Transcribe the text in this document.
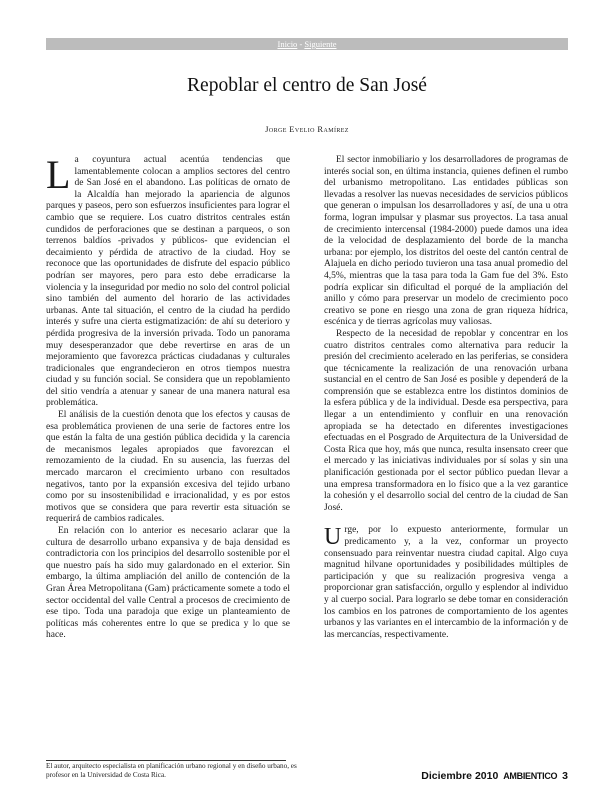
Inicio - Siguiente
Repoblar el centro de San José
Jorge Evelio Ramírez

La coyuntura actual acentúa tendencias que lamentablemente colocan a amplios sectores del centro de San José en el abandono. Las políticas de ornato de la Alcaldía han mejorado la apariencia de algunos parques y paseos, pero son esfuerzos insuficientes para lograr el cambio que se requiere. Los cuatro distritos centrales están cundidos de perforaciones que se destinan a parqueos, o son terrenos baldíos -privados y públicos- que evidencian el decaimiento y pérdida de atractivo de la ciudad. Hoy se reconoce que las oportunidades de disfrute del espacio público podrían ser mayores, pero para esto debe erradicarse la violencia y la inseguridad por medio no solo del control policial sino también del aumento del horario de las actividades urbanas. Ante tal situación, el centro de la ciudad ha perdido interés y sufre una cierta estigmatización: de ahí su deterioro y pérdida progresiva de la inversión privada. Todo un panorama muy desesperanzador que debe revertirse en aras de un mejoramiento que favorezca prácticas ciudadanas y culturales tradicionales que engrandecieron en otros tiempos nuestra ciudad y su función social. Se considera que un repoblamiento del sitio vendría a atenuar y sanear de una manera natural esa problemática.

El análisis de la cuestión denota que los efectos y causas de esa problemática provienen de una serie de factores entre los que están la falta de una gestión pública decidida y la carencia de mecanismos legales apropiados que favorezcan el remozamiento de la ciudad. En su ausencia, las fuerzas del mercado marcaron el crecimiento urbano con resultados negativos, tanto por la expansión excesiva del tejido urbano como por su insostenibilidad e irracionalidad, y es por estos motivos que se considera que para revertir esta situación se requerirá de cambios radicales.

En relación con lo anterior es necesario aclarar que la cultura de desarrollo urbano expansiva y de baja densidad es contradictoria con los principios del desarrollo sostenible por el que nuestro país ha sido muy galardonado en el exterior. Sin embargo, la última ampliación del anillo de contención de la Gran Área Metropolitana (Gam) prácticamente somete a todo el sector occidental del valle Central a procesos de crecimiento de ese tipo. Toda una paradoja que exige un planteamiento de políticas más coherentes entre lo que se predica y lo que se hace.

El sector inmobiliario y los desarrolladores de programas de interés social son, en última instancia, quienes definen el rumbo del urbanismo metropolitano. Las entidades públicas son llevadas a resolver las nuevas necesidades de servicios públicos que generan o impulsan los desarrolladores y así, de una u otra forma, logran impulsar y plasmar sus proyectos. La tasa anual de crecimiento intercensal (1984-2000) puede damos una idea de la velocidad de desplazamiento del borde de la mancha urbana: por ejemplo, los distritos del oeste del cantón central de Alajuela en dicho periodo tuvieron una tasa anual promedio del 4,5%, mientras que la tasa para toda la Gam fue del 3%. Esto podría explicar sin dificultad el porqué de la ampliación del anillo y cómo para preservar un modelo de crecimiento poco creativo se pone en riesgo una zona de gran riqueza hídrica, escénica y de tierras agrícolas muy valiosas.

Respecto de la necesidad de repoblar y concentrar en los cuatro distritos centrales como alternativa para reducir la presión del crecimiento acelerado en las periferias, se considera que técnicamente la realización de una renovación urbana sustancial en el centro de San José es posible y dependerá de la comprensión que se establezca entre los distintos dominios de la esfera pública y de la individual. Desde esa perspectiva, para llegar a un entendimiento y confluir en una renovación apropiada se ha detectado en diferentes investigaciones efectuadas en el Posgrado de Arquitectura de la Universidad de Costa Rica que hoy, más que nunca, resulta insensato creer que el mercado y las iniciativas individuales por sí solas y sin una planificación gestionada por el sector público puedan llevar a una empresa transformadora en lo físico que a la vez garantice la cohesión y el desarrollo social del centro de la ciudad de San José.

Urge, por lo expuesto anteriormente, formular un predicamento y, a la vez, conformar un proyecto consensuado para reinventar nuestra ciudad capital. Algo cuya magnitud hilvane oportunidades y posibilidades múltiples de participación y que su realización progresiva venga a proporcionar gran satisfacción, orgullo y esplendor al individuo y al cuerpo social. Para lograrlo se debe tomar en consideración los cambios en los patrones de comportamiento de los agentes urbanos y las variantes en el intercambio de la información y de las mercancías, respectivamente.

El autor, arquitecto especialista en planificación urbano regional y en diseño urbano, es profesor en la Universidad de Costa Rica.	Diciembre 2010 AMBIENTICO 3
